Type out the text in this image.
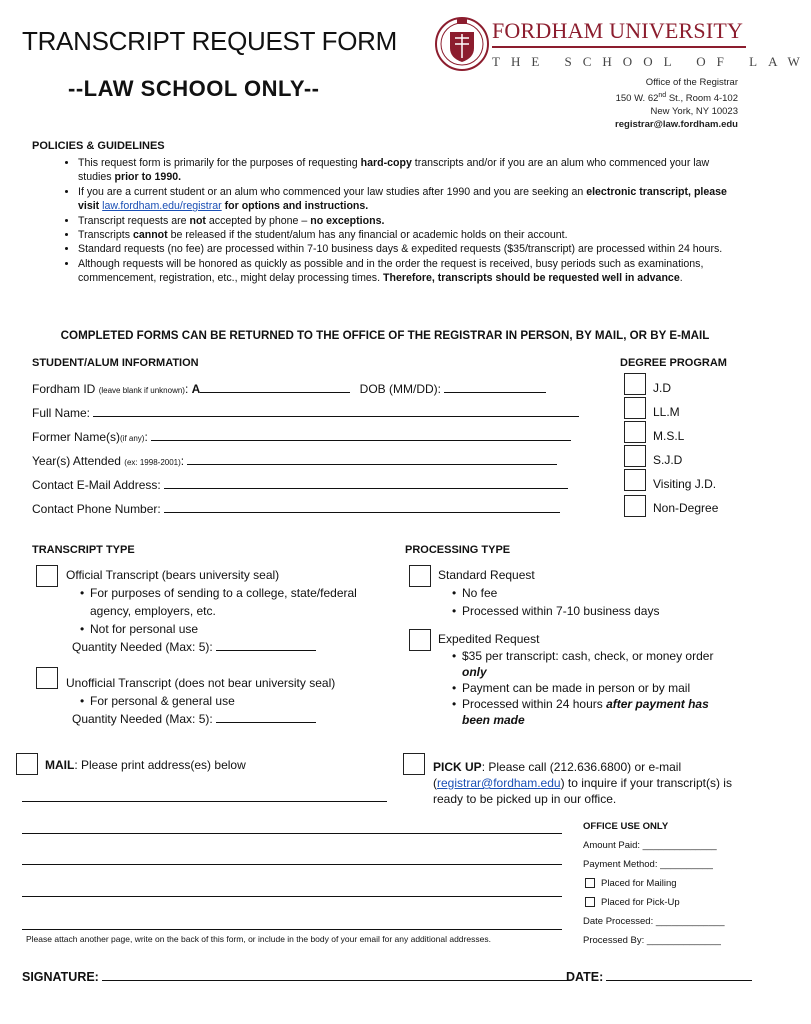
TRANSCRIPT REQUEST FORM
--LAW SCHOOL ONLY--
FORDHAM UNIVERSITY
THE SCHOOL OF LAW
Office of the Registrar
150 W. 62nd St., Room 4-102
New York, NY 10023
registrar@law.fordham.edu
POLICIES & GUIDELINES
• This request form is primarily for the purposes of requesting hard-copy transcripts and/or if you are an alum who commenced your law studies prior to 1990.
• If you are a current student or an alum who commenced your law studies after 1990 and you are seeking an electronic transcript, please visit law.fordham.edu/registrar for options and instructions.
• Transcript requests are not accepted by phone – no exceptions.
• Transcripts cannot be released if the student/alum has any financial or academic holds on their account.
• Standard requests (no fee) are processed within 7-10 business days & expedited requests ($35/transcript) are processed within 24 hours.
• Although requests will be honored as quickly as possible and in the order the request is received, busy periods such as examinations, commencement, registration, etc., might delay processing times. Therefore, transcripts should be requested well in advance.
COMPLETED FORMS CAN BE RETURNED TO THE OFFICE OF THE REGISTRAR IN PERSON, BY MAIL, OR BY E-MAIL
STUDENT/ALUM INFORMATION
Fordham ID (leave blank if unknown): A	DOB (MM/DD):
Full Name:
Former Name(s)(if any):
Year(s) Attended (ex: 1998-2001):
Contact E-Mail Address:
Contact Phone Number:
DEGREE PROGRAM
J.D
LL.M
M.S.L
S.J.D
Visiting J.D.
Non-Degree
TRANSCRIPT TYPE
Official Transcript (bears university seal)
• For purposes of sending to a college, state/federal agency, employers, etc.
• Not for personal use
Quantity Needed (Max: 5):
Unofficial Transcript (does not bear university seal)
• For personal & general use
Quantity Needed (Max: 5):
PROCESSING TYPE
Standard Request
• No fee
• Processed within 7-10 business days
Expedited Request
• $35 per transcript: cash, check, or money order only
• Payment can be made in person or by mail
• Processed within 24 hours after payment has been made
MAIL: Please print address(es) below	PICK UP: Please call (212.636.6800) or e-mail (registrar@fordham.edu) to inquire if your transcript(s) is ready to be picked up in our office.
Please attach another page, write on the back of this form, or include in the body of your email for any additional addresses.
OFFICE USE ONLY
Amount Paid: ______________
Payment Method: __________
Placed for Mailing
Placed for Pick-Up
Date Processed: _____________
Processed By: ______________
SIGNATURE:	DATE:
